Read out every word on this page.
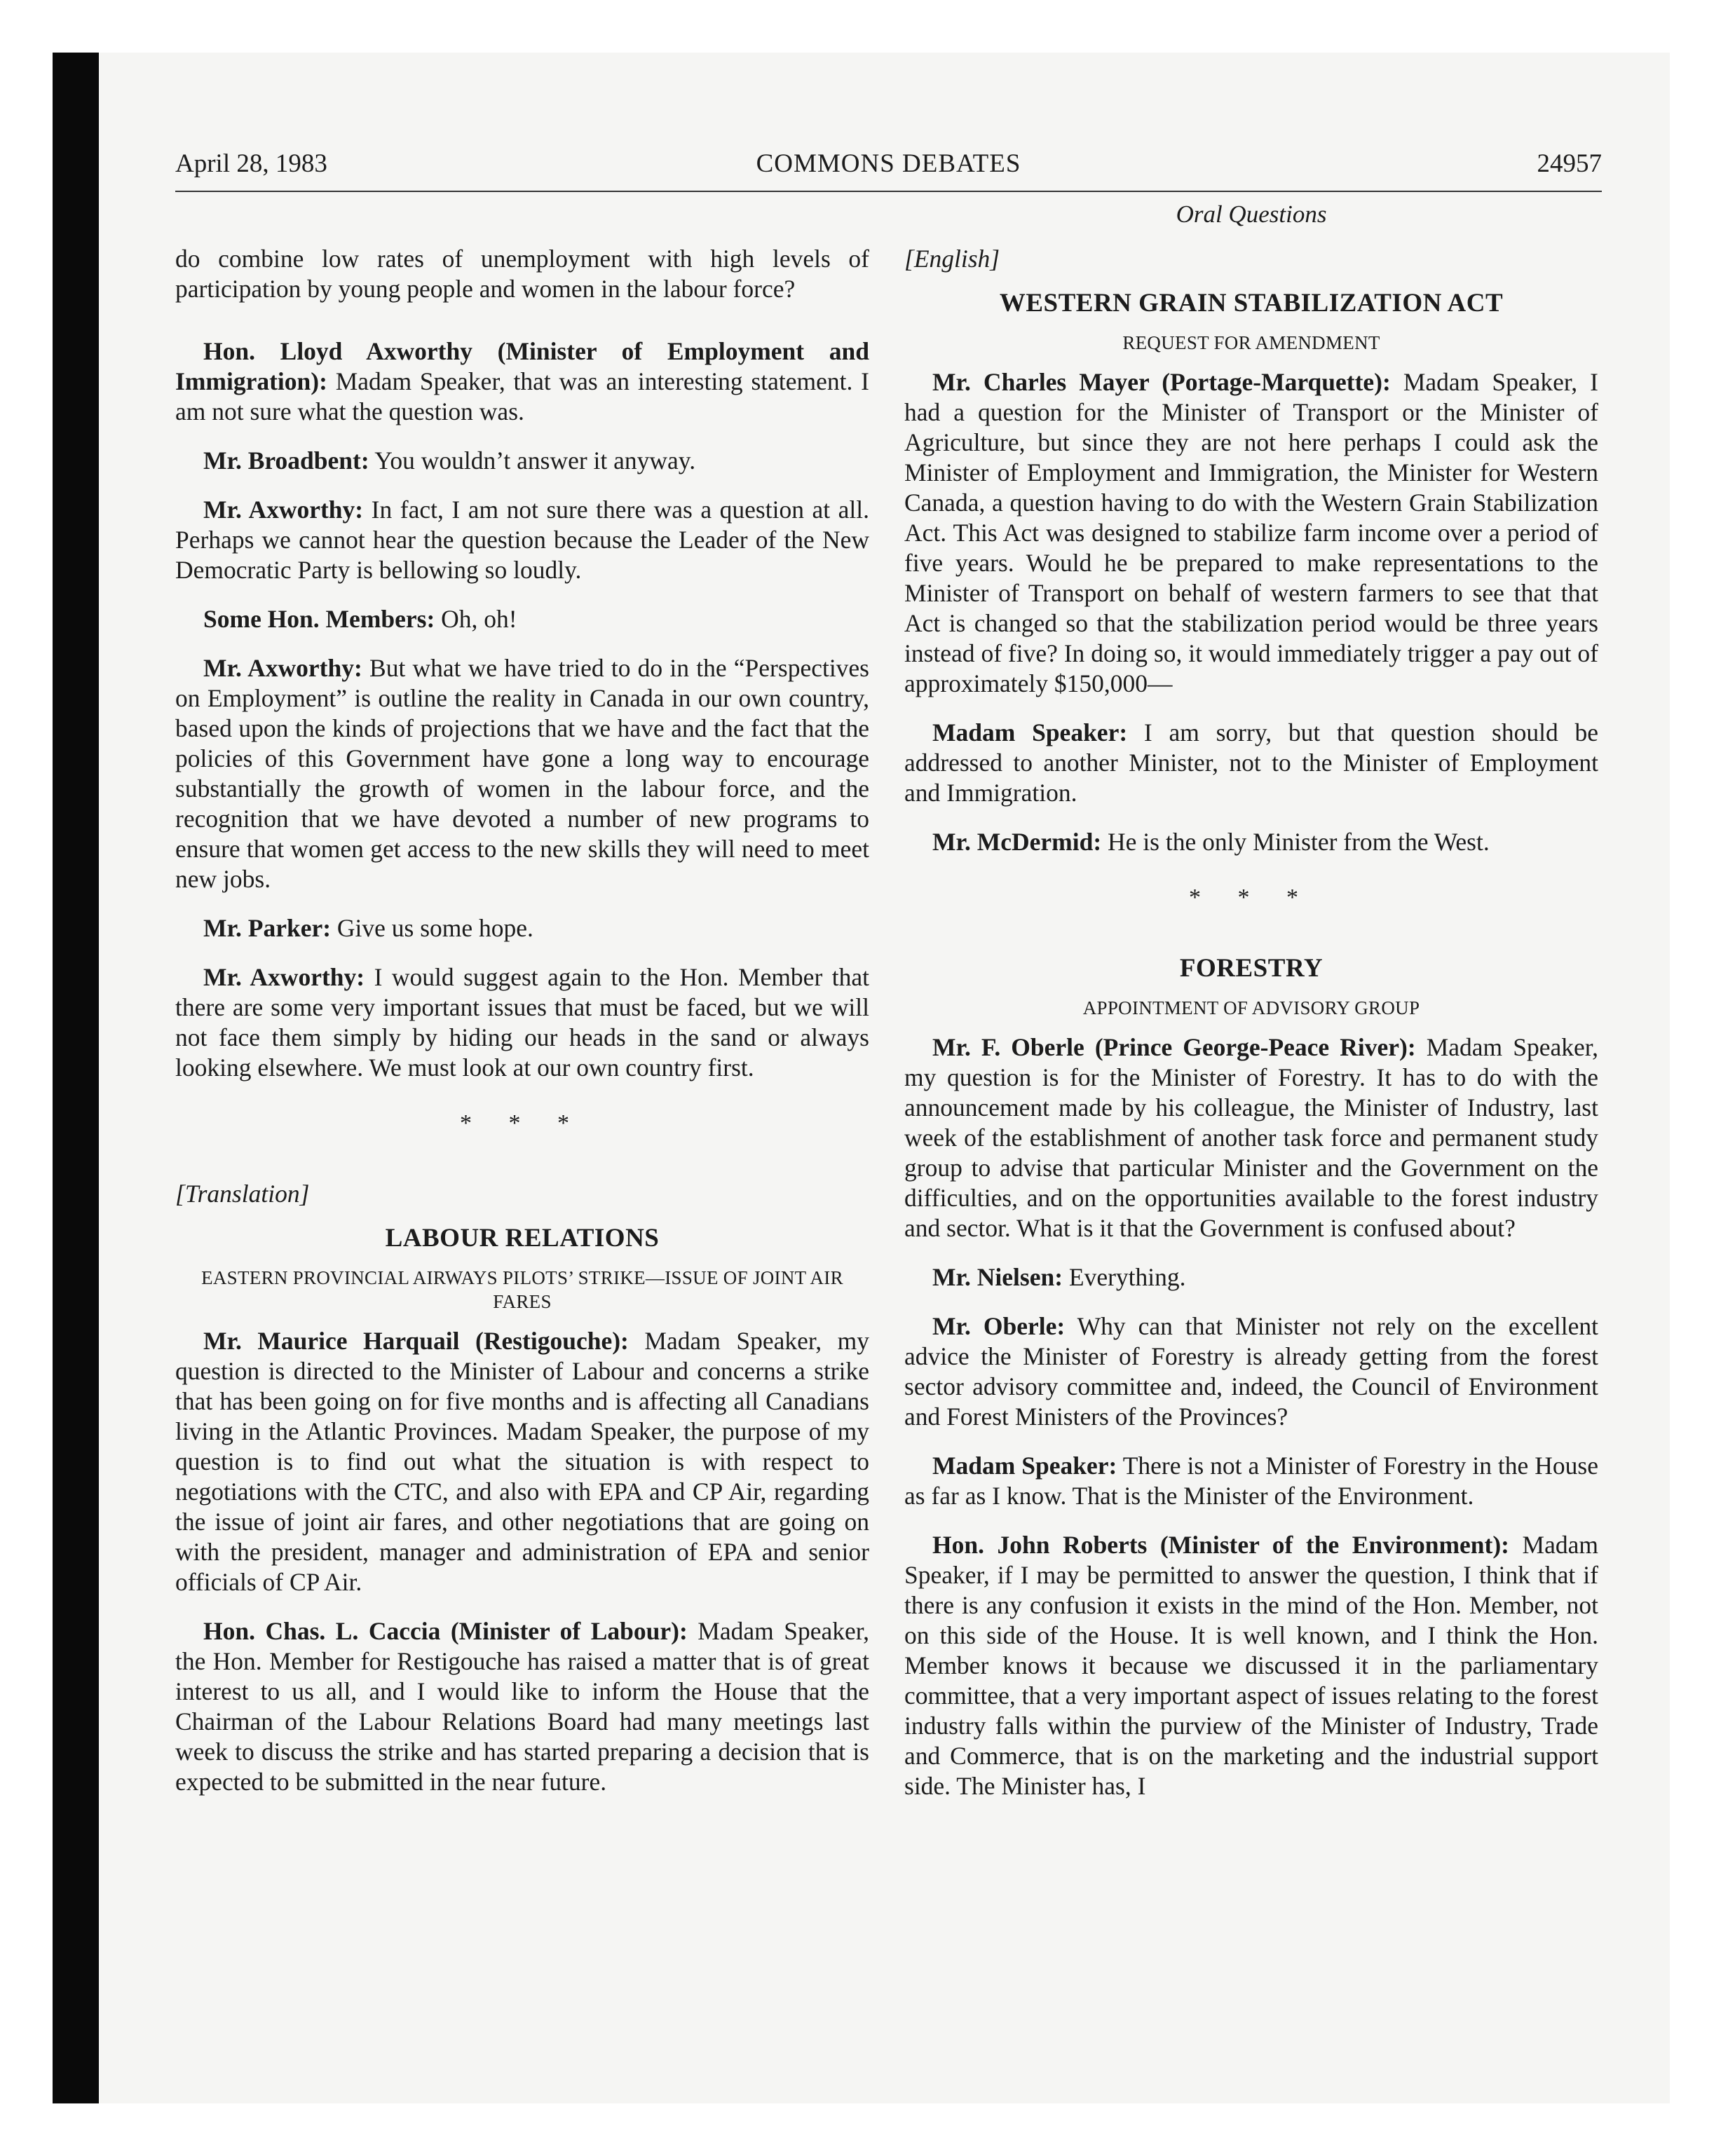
April 28, 1983	COMMONS DEBATES	24957
Oral Questions

do combine low rates of unemployment with high levels of participation by young people and women in the labour force?

Hon. Lloyd Axworthy (Minister of Employment and Immigration): Madam Speaker, that was an interesting statement. I am not sure what the question was.

Mr. Broadbent: You wouldn’t answer it anyway.

Mr. Axworthy: In fact, I am not sure there was a question at all. Perhaps we cannot hear the question because the Leader of the New Democratic Party is bellowing so loudly.

Some Hon. Members: Oh, oh!

Mr. Axworthy: But what we have tried to do in the “Perspectives on Employment” is outline the reality in Canada in our own country, based upon the kinds of projections that we have and the fact that the policies of this Government have gone a long way to encourage substantially the growth of women in the labour force, and the recognition that we have devoted a number of new programs to ensure that women get access to the new skills they will need to meet new jobs.

Mr. Parker: Give us some hope.

Mr. Axworthy: I would suggest again to the Hon. Member that there are some very important issues that must be faced, but we will not face them simply by hiding our heads in the sand or always looking elsewhere. We must look at our own country first.

* * *
[Translation]
LABOUR RELATIONS
EASTERN PROVINCIAL AIRWAYS PILOTS’ STRIKE—ISSUE OF JOINT AIR FARES

Mr. Maurice Harquail (Restigouche): Madam Speaker, my question is directed to the Minister of Labour and concerns a strike that has been going on for five months and is affecting all Canadians living in the Atlantic Provinces. Madam Speaker, the purpose of my question is to find out what the situation is with respect to negotiations with the CTC, and also with EPA and CP Air, regarding the issue of joint air fares, and other negotiations that are going on with the president, manager and administration of EPA and senior officials of CP Air.

Hon. Chas. L. Caccia (Minister of Labour): Madam Speaker, the Hon. Member for Restigouche has raised a matter that is of great interest to us all, and I would like to inform the House that the Chairman of the Labour Relations Board had many meetings last week to discuss the strike and has started preparing a decision that is expected to be submitted in the near future.

[English]
WESTERN GRAIN STABILIZATION ACT
REQUEST FOR AMENDMENT

Mr. Charles Mayer (Portage-Marquette): Madam Speaker, I had a question for the Minister of Transport or the Minister of Agriculture, but since they are not here perhaps I could ask the Minister of Employment and Immigration, the Minister for Western Canada, a question having to do with the Western Grain Stabilization Act. This Act was designed to stabilize farm income over a period of five years. Would he be prepared to make representations to the Minister of Transport on behalf of western farmers to see that that Act is changed so that the stabilization period would be three years instead of five? In doing so, it would immediately trigger a pay out of approximately $150,000—

Madam Speaker: I am sorry, but that question should be addressed to another Minister, not to the Minister of Employment and Immigration.

Mr. McDermid: He is the only Minister from the West.

* * *
FORESTRY
APPOINTMENT OF ADVISORY GROUP

Mr. F. Oberle (Prince George-Peace River): Madam Speaker, my question is for the Minister of Forestry. It has to do with the announcement made by his colleague, the Minister of Industry, last week of the establishment of another task force and permanent study group to advise that particular Minister and the Government on the difficulties, and on the opportunities available to the forest industry and sector. What is it that the Government is confused about?

Mr. Nielsen: Everything.

Mr. Oberle: Why can that Minister not rely on the excellent advice the Minister of Forestry is already getting from the forest sector advisory committee and, indeed, the Council of Environment and Forest Ministers of the Provinces?

Madam Speaker: There is not a Minister of Forestry in the House as far as I know. That is the Minister of the Environment.

Hon. John Roberts (Minister of the Environment): Madam Speaker, if I may be permitted to answer the question, I think that if there is any confusion it exists in the mind of the Hon. Member, not on this side of the House. It is well known, and I think the Hon. Member knows it because we discussed it in the parliamentary committee, that a very important aspect of issues relating to the forest industry falls within the purview of the Minister of Industry, Trade and Commerce, that is on the marketing and the industrial support side. The Minister has, I
